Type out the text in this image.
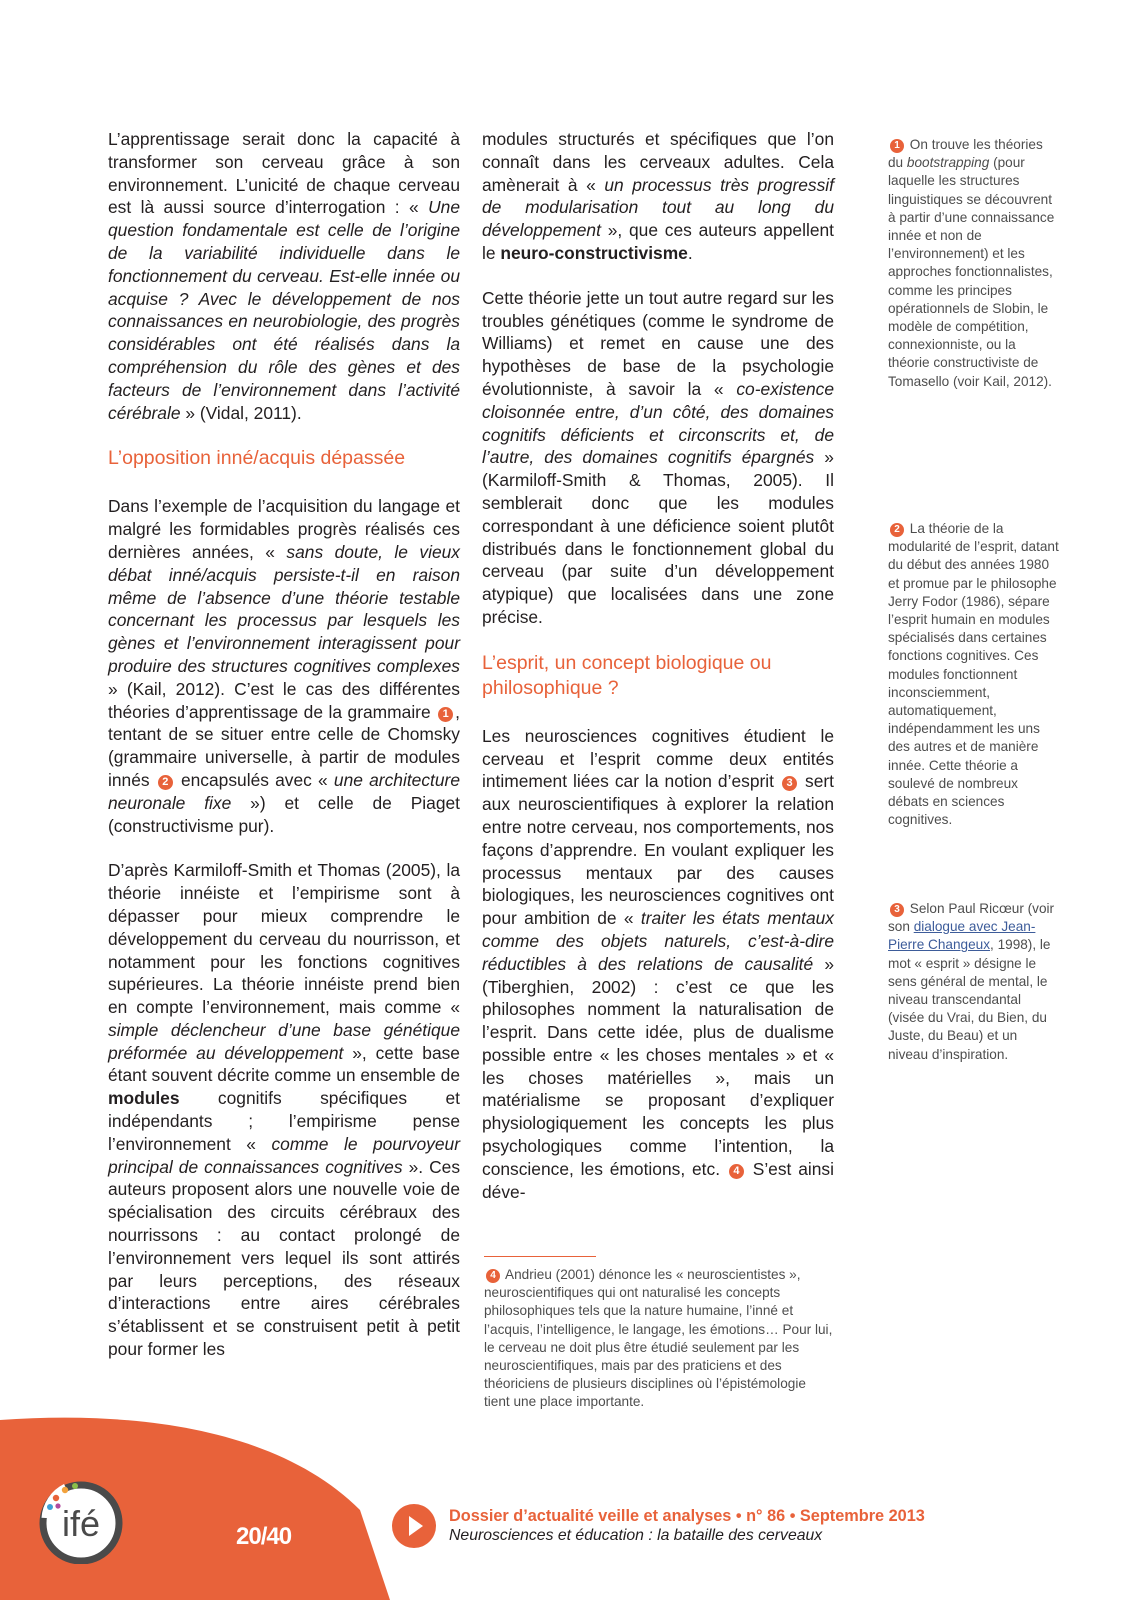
L’apprentissage serait donc la capacité à transformer son cerveau grâce à son environnement. L’unicité de chaque cerveau est là aussi source d’interrogation : « Une question fondamentale est celle de l’origine de la variabilité individuelle dans le fonctionnement du cerveau. Est-elle innée ou acquise ? Avec le développement de nos connaissances en neurobiologie, des progrès considérables ont été réalisés dans la compréhension du rôle des gènes et des facteurs de l’environnement dans l’activité cérébrale » (Vidal, 2011).

L’opposition inné/acquis dépassée

Dans l’exemple de l’acquisition du langage et malgré les formidables progrès réalisés ces dernières années, « sans doute, le vieux débat inné/acquis persiste-t-il en raison même de l’absence d’une théorie testable concernant les processus par lesquels les gènes et l’environnement interagissent pour produire des structures cognitives complexes » (Kail, 2012). C’est le cas des différentes théories d’apprentissage de la grammaire 1 , tentant de se situer entre celle de Chomsky (grammaire universelle, à partir de modules innés 2 encapsulés avec « une architecture neuronale fixe ») et celle de Piaget (constructivisme pur).

D’après Karmiloff-Smith et Thomas (2005), la théorie innéiste et l’empirisme sont à dépasser pour mieux comprendre le développement du cerveau du nourrisson, et notamment pour les fonctions cognitives supérieures. La théorie innéiste prend bien en compte l’environnement, mais comme « simple déclencheur d’une base génétique préformée au développement », cette base étant souvent décrite comme un ensemble de modules cognitifs spécifiques et indépendants ; l’empirisme pense l’environnement « comme le pourvoyeur principal de connaissances cognitives ». Ces auteurs proposent alors une nouvelle voie de spécialisation des circuits cérébraux des nourrissons : au contact prolongé de l’environnement vers lequel ils sont attirés par leurs perceptions, des réseaux d’interactions entre aires cérébrales s’établissent et se construisent petit à petit pour former les

modules structurés et spécifiques que l’on connaît dans les cerveaux adultes. Cela amènerait à « un processus très progressif de modularisation tout au long du développement », que ces auteurs appellent le neuro-constructivisme.

Cette théorie jette un tout autre regard sur les troubles génétiques (comme le syndrome de Williams) et remet en cause une des hypothèses de base de la psychologie évolutionniste, à savoir la « co-existence cloisonnée entre, d’un côté, des domaines cognitifs déficients et circonscrits et, de l’autre, des domaines cognitifs épargnés » (Karmiloff-Smith & Thomas, 2005). Il semblerait donc que les modules correspondant à une déficience soient plutôt distribués dans le fonctionnement global du cerveau (par suite d’un développement atypique) que localisées dans une zone précise.

L’esprit, un concept biologique ou philosophique ?

Les neurosciences cognitives étudient le cerveau et l’esprit comme deux entités intimement liées car la notion d’esprit 3 sert aux neuroscientifiques à explorer la relation entre notre cerveau, nos comportements, nos façons d’apprendre. En voulant expliquer les processus mentaux par des causes biologiques, les neurosciences cognitives ont pour ambition de « traiter les états mentaux comme des objets naturels, c’est-à-dire réductibles à des relations de causalité » (Tiberghien, 2002) : c’est ce que les philosophes nomment la naturalisation de l’esprit. Dans cette idée, plus de dualisme possible entre « les choses mentales » et « les choses matérielles », mais un matérialisme se proposant d’expliquer physiologiquement les concepts les plus psychologiques comme l’intention, la conscience, les émotions, etc. 4 S’est ainsi déve-

4 Andrieu (2001) dénonce les « neuroscientistes », neuroscientifiques qui ont naturalisé les concepts philosophiques tels que la nature humaine, l’inné et l’acquis, l’intelligence, le langage, les émotions… Pour lui, le cerveau ne doit plus être étudié seulement par les neuroscientifiques, mais par des praticiens et des théoriciens de plusieurs disciplines où l’épistémologie tient une place importante.
1 On trouve les théories du bootstrapping (pour laquelle les structures linguistiques se découvrent à partir d’une connaissance innée et non de l’environnement) et les approches fonctionnalistes, comme les principes opérationnels de Slobin, le modèle de compétition, connexionniste, ou la théorie constructiviste de Tomasello (voir Kail, 2012).
2 La théorie de la modularité de l’esprit, datant du début des années 1980 et promue par le philosophe Jerry Fodor (1986), sépare l’esprit humain en modules spécialisés dans certaines fonctions cognitives. Ces modules fonctionnent inconsciemment, automatiquement, indépendamment les uns des autres et de manière innée. Cette théorie a soulevé de nombreux débats en sciences cognitives.
3 Selon Paul Ricœur (voir son dialogue avec Jean-Pierre Changeux, 1998), le mot « esprit » désigne le sens général de mental, le niveau transcendantal (visée du Vrai, du Bien, du Juste, du Beau) et un niveau d’inspiration.
ifé	20/40
Dossier d’actualité veille et analyses • n° 86 • Septembre 2013
Neurosciences et éducation : la bataille des cerveaux
